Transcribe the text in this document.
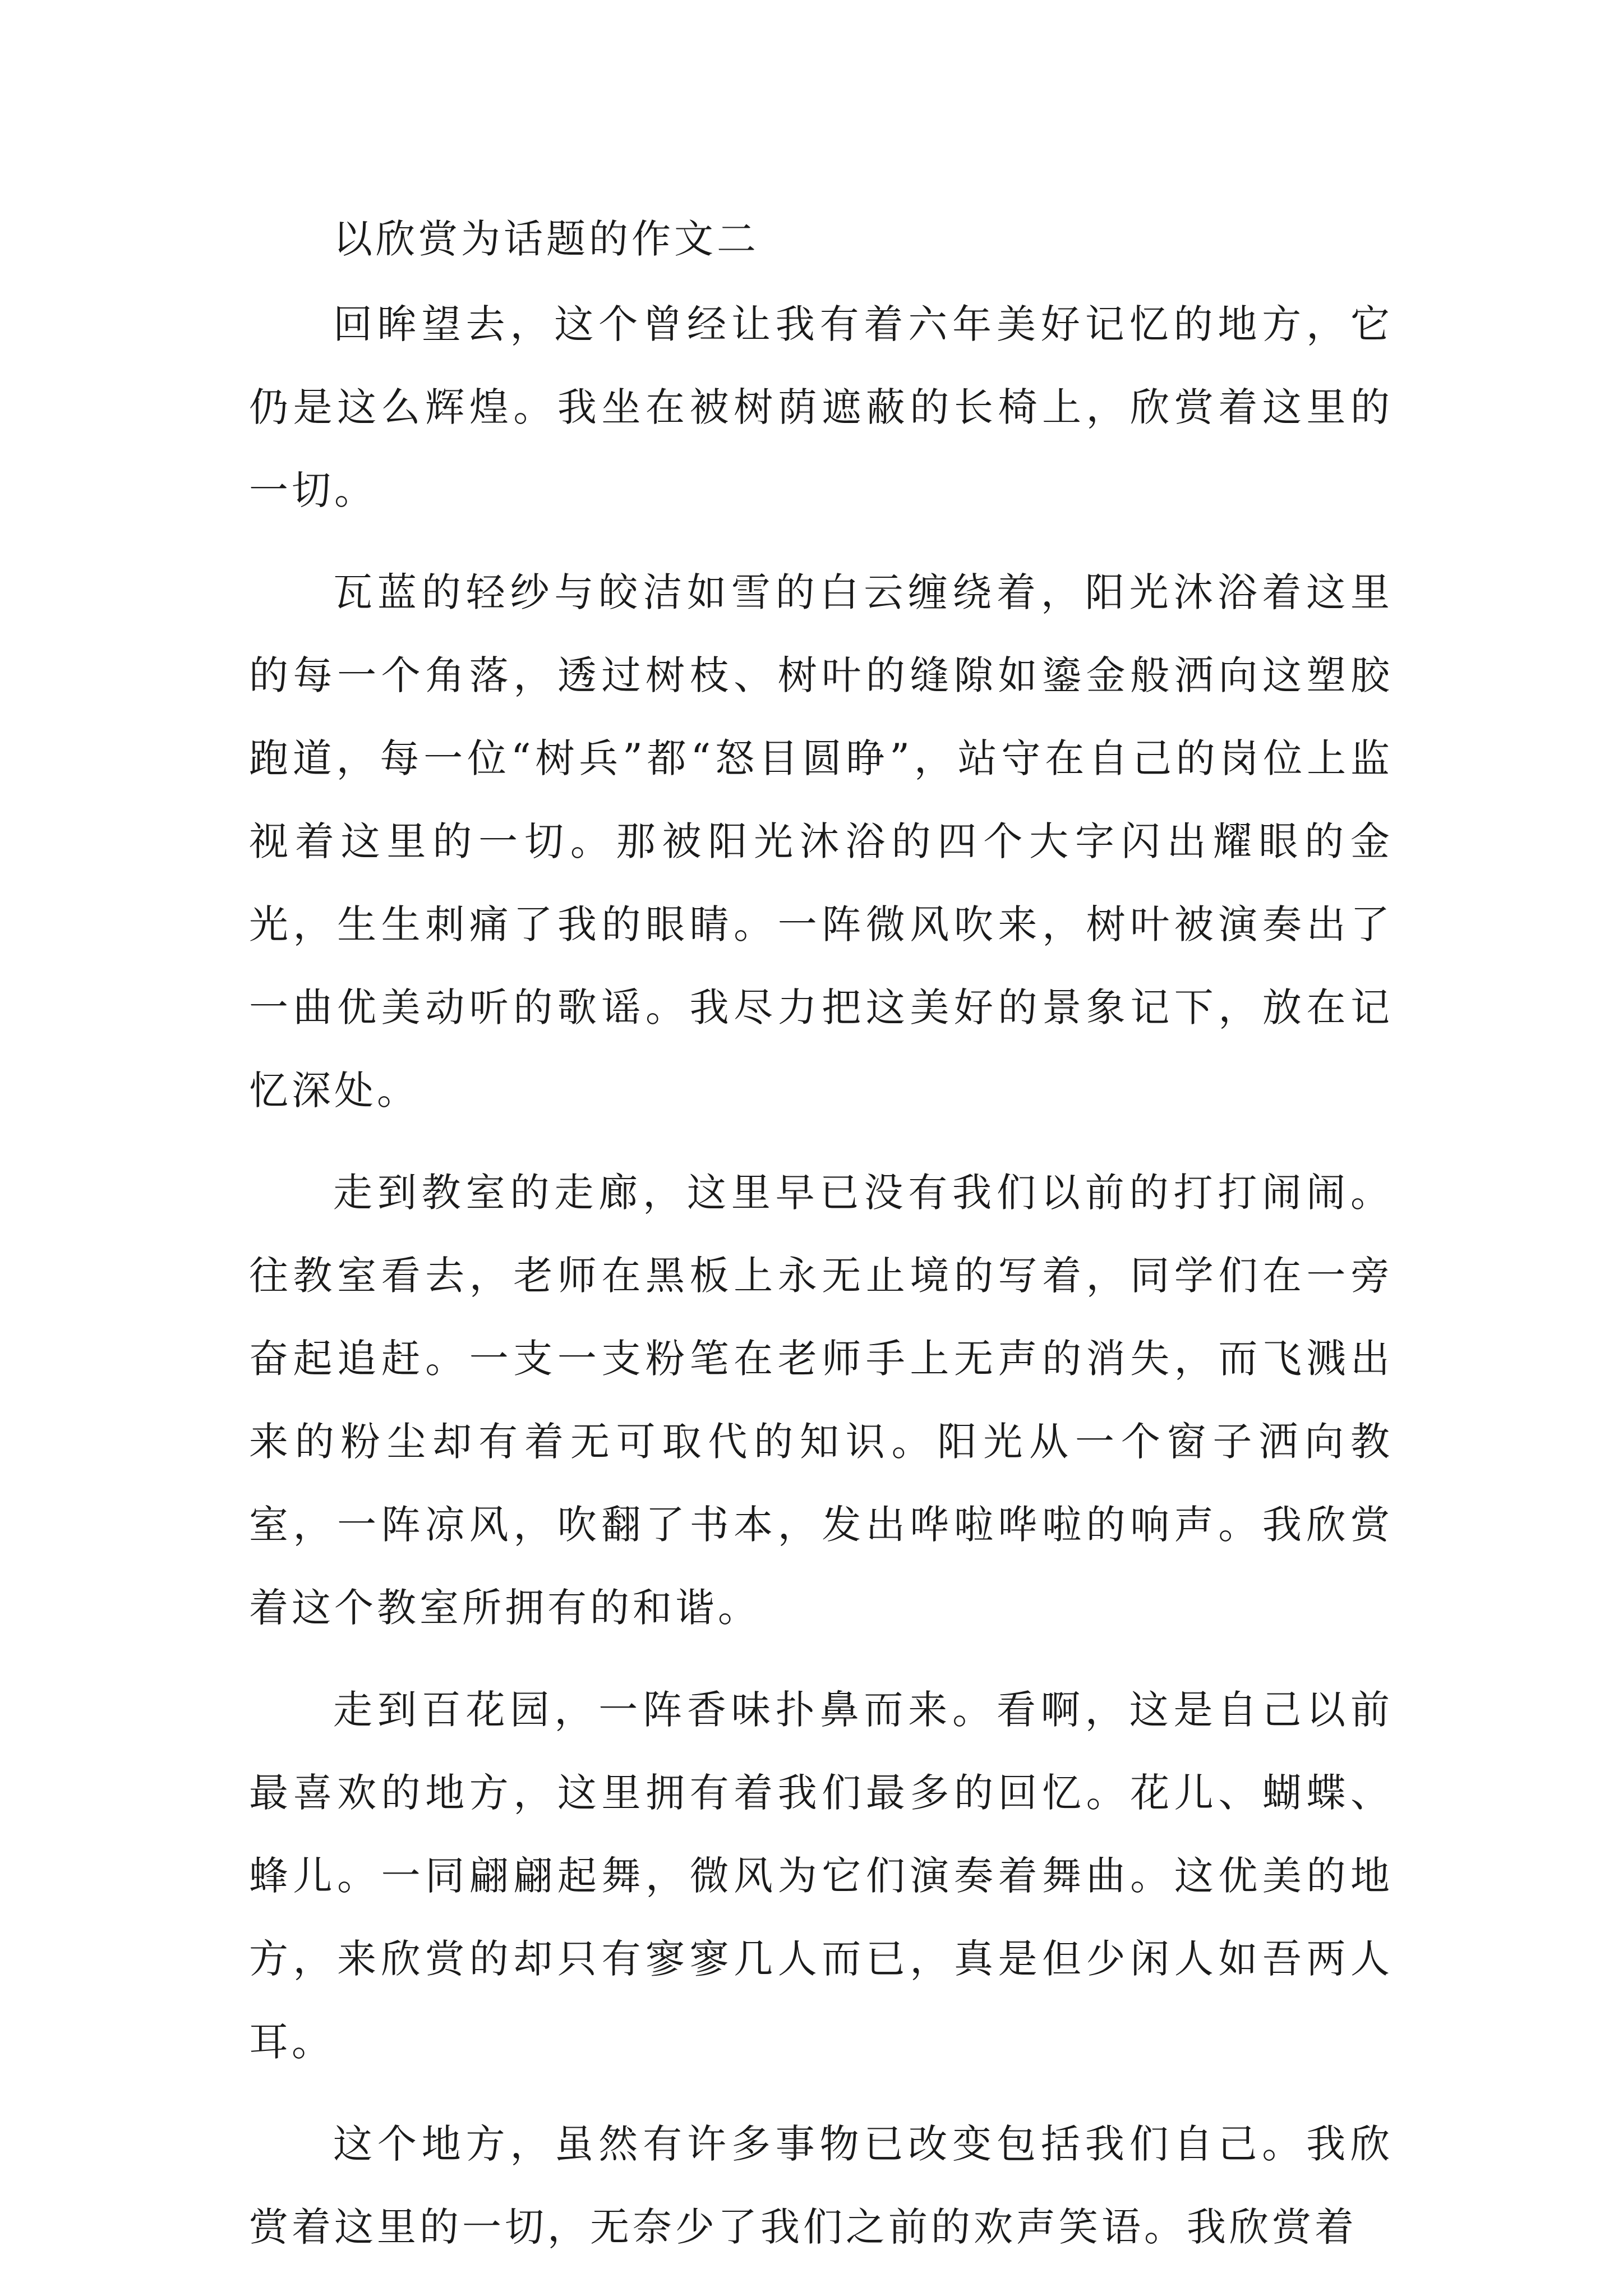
以欣赏为话题的作文二

回眸望去，这个曾经让我有着六年美好记忆的地方，它仍是这么辉煌。我坐在被树荫遮蔽的长椅上，欣赏着这里的一切。

瓦蓝的轻纱与皎洁如雪的白云缠绕着，阳光沐浴着这里的每一个角落，透过树枝、树叶的缝隙如鎏金般洒向这塑胶跑道，每一位“树兵”都“怒目圆睁”，站守在自己的岗位上监视着这里的一切。那被阳光沐浴的四个大字闪出耀眼的金光，生生刺痛了我的眼睛。一阵微风吹来，树叶被演奏出了一曲优美动听的歌谣。我尽力把这美好的景象记下，放在记忆深处。

走到教室的走廊，这里早已没有我们以前的打打闹闹。往教室看去，老师在黑板上永无止境的写着，同学们在一旁奋起追赶。一支一支粉笔在老师手上无声的消失，而飞溅出来的粉尘却有着无可取代的知识。阳光从一个窗子洒向教室，一阵凉风，吹翻了书本，发出哗啦哗啦的响声。我欣赏着这个教室所拥有的和谐。

走到百花园，一阵香味扑鼻而来。看啊，这是自己以前最喜欢的地方，这里拥有着我们最多的回忆。花儿、蝴蝶、蜂儿。一同翩翩起舞，微风为它们演奏着舞曲。这优美的地方，来欣赏的却只有寥寥几人而已，真是但少闲人如吾两人耳。

这个地方，虽然有许多事物已改变包括我们自己。我欣赏着这里的一切，无奈少了我们之前的欢声笑语。我欣赏着
